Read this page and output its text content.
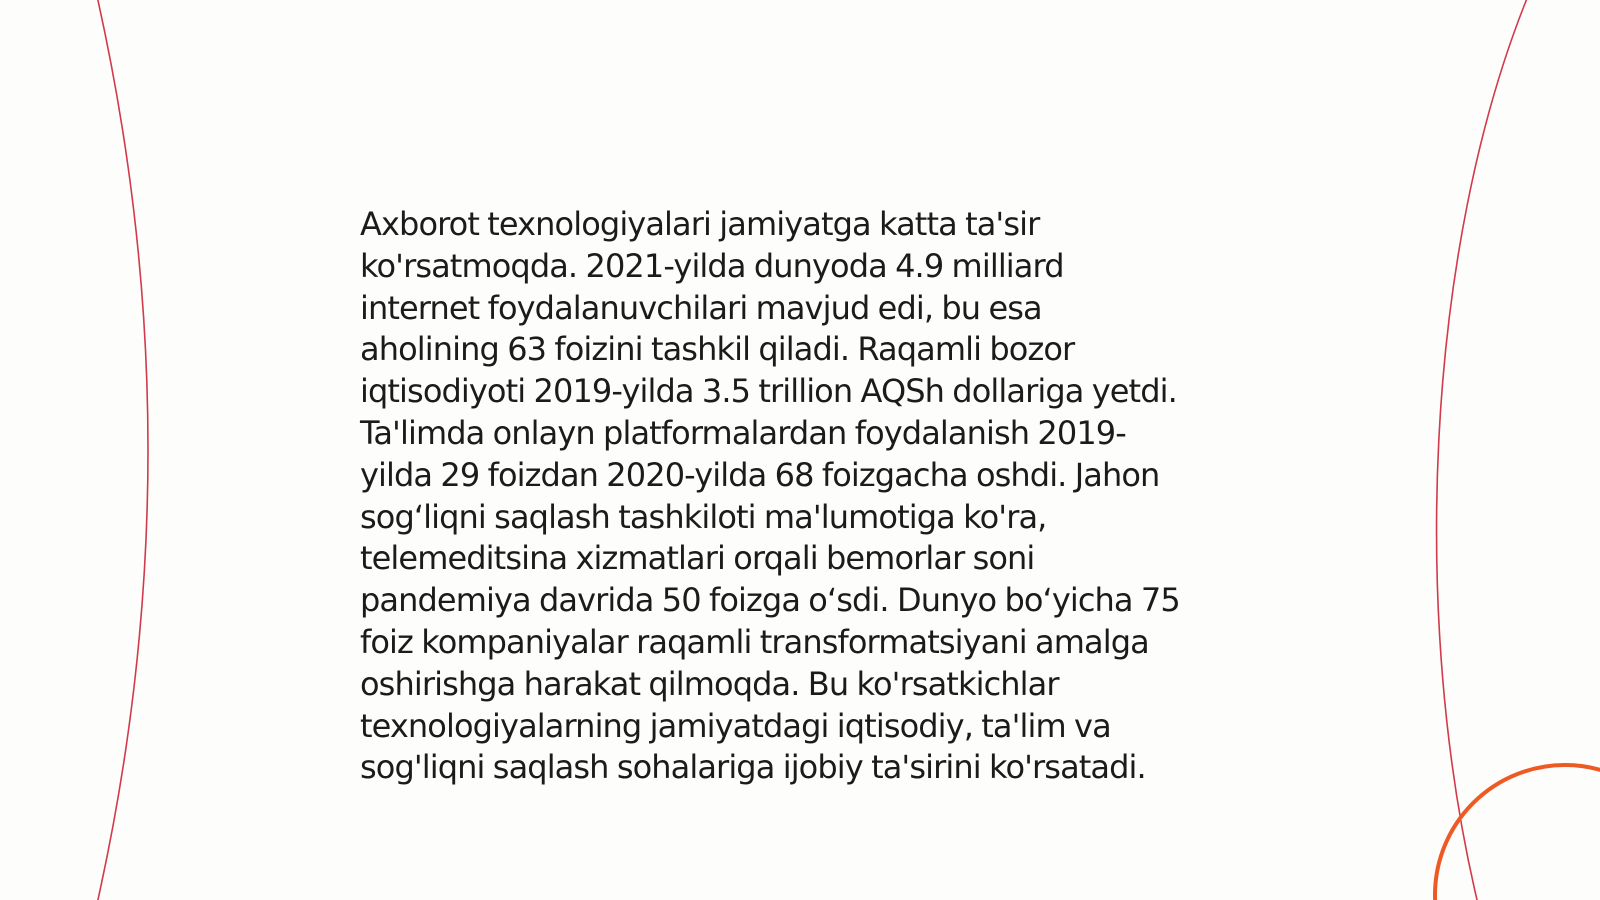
Axborot texnologiyalari jamiyatga katta ta'sir
ko'rsatmoqda. 2021-yilda dunyoda 4.9 milliard
internet foydalanuvchilari mavjud edi, bu esa
aholining 63 foizini tashkil qiladi. Raqamli bozor
iqtisodiyoti 2019-yilda 3.5 trillion AQSh dollariga yetdi.
Ta'limda onlayn platformalardan foydalanish 2019-
yilda 29 foizdan 2020-yilda 68 foizgacha oshdi. Jahon
sog‘liqni saqlash tashkiloti ma'lumotiga ko'ra,
telemeditsina xizmatlari orqali bemorlar soni
pandemiya davrida 50 foizga o‘sdi. Dunyo bo‘yicha 75
foiz kompaniyalar raqamli transformatsiyani amalga
oshirishga harakat qilmoqda. Bu ko'rsatkichlar
texnologiyalarning jamiyatdagi iqtisodiy, ta'lim va
sog'liqni saqlash sohalariga ijobiy ta'sirini ko'rsatadi.
